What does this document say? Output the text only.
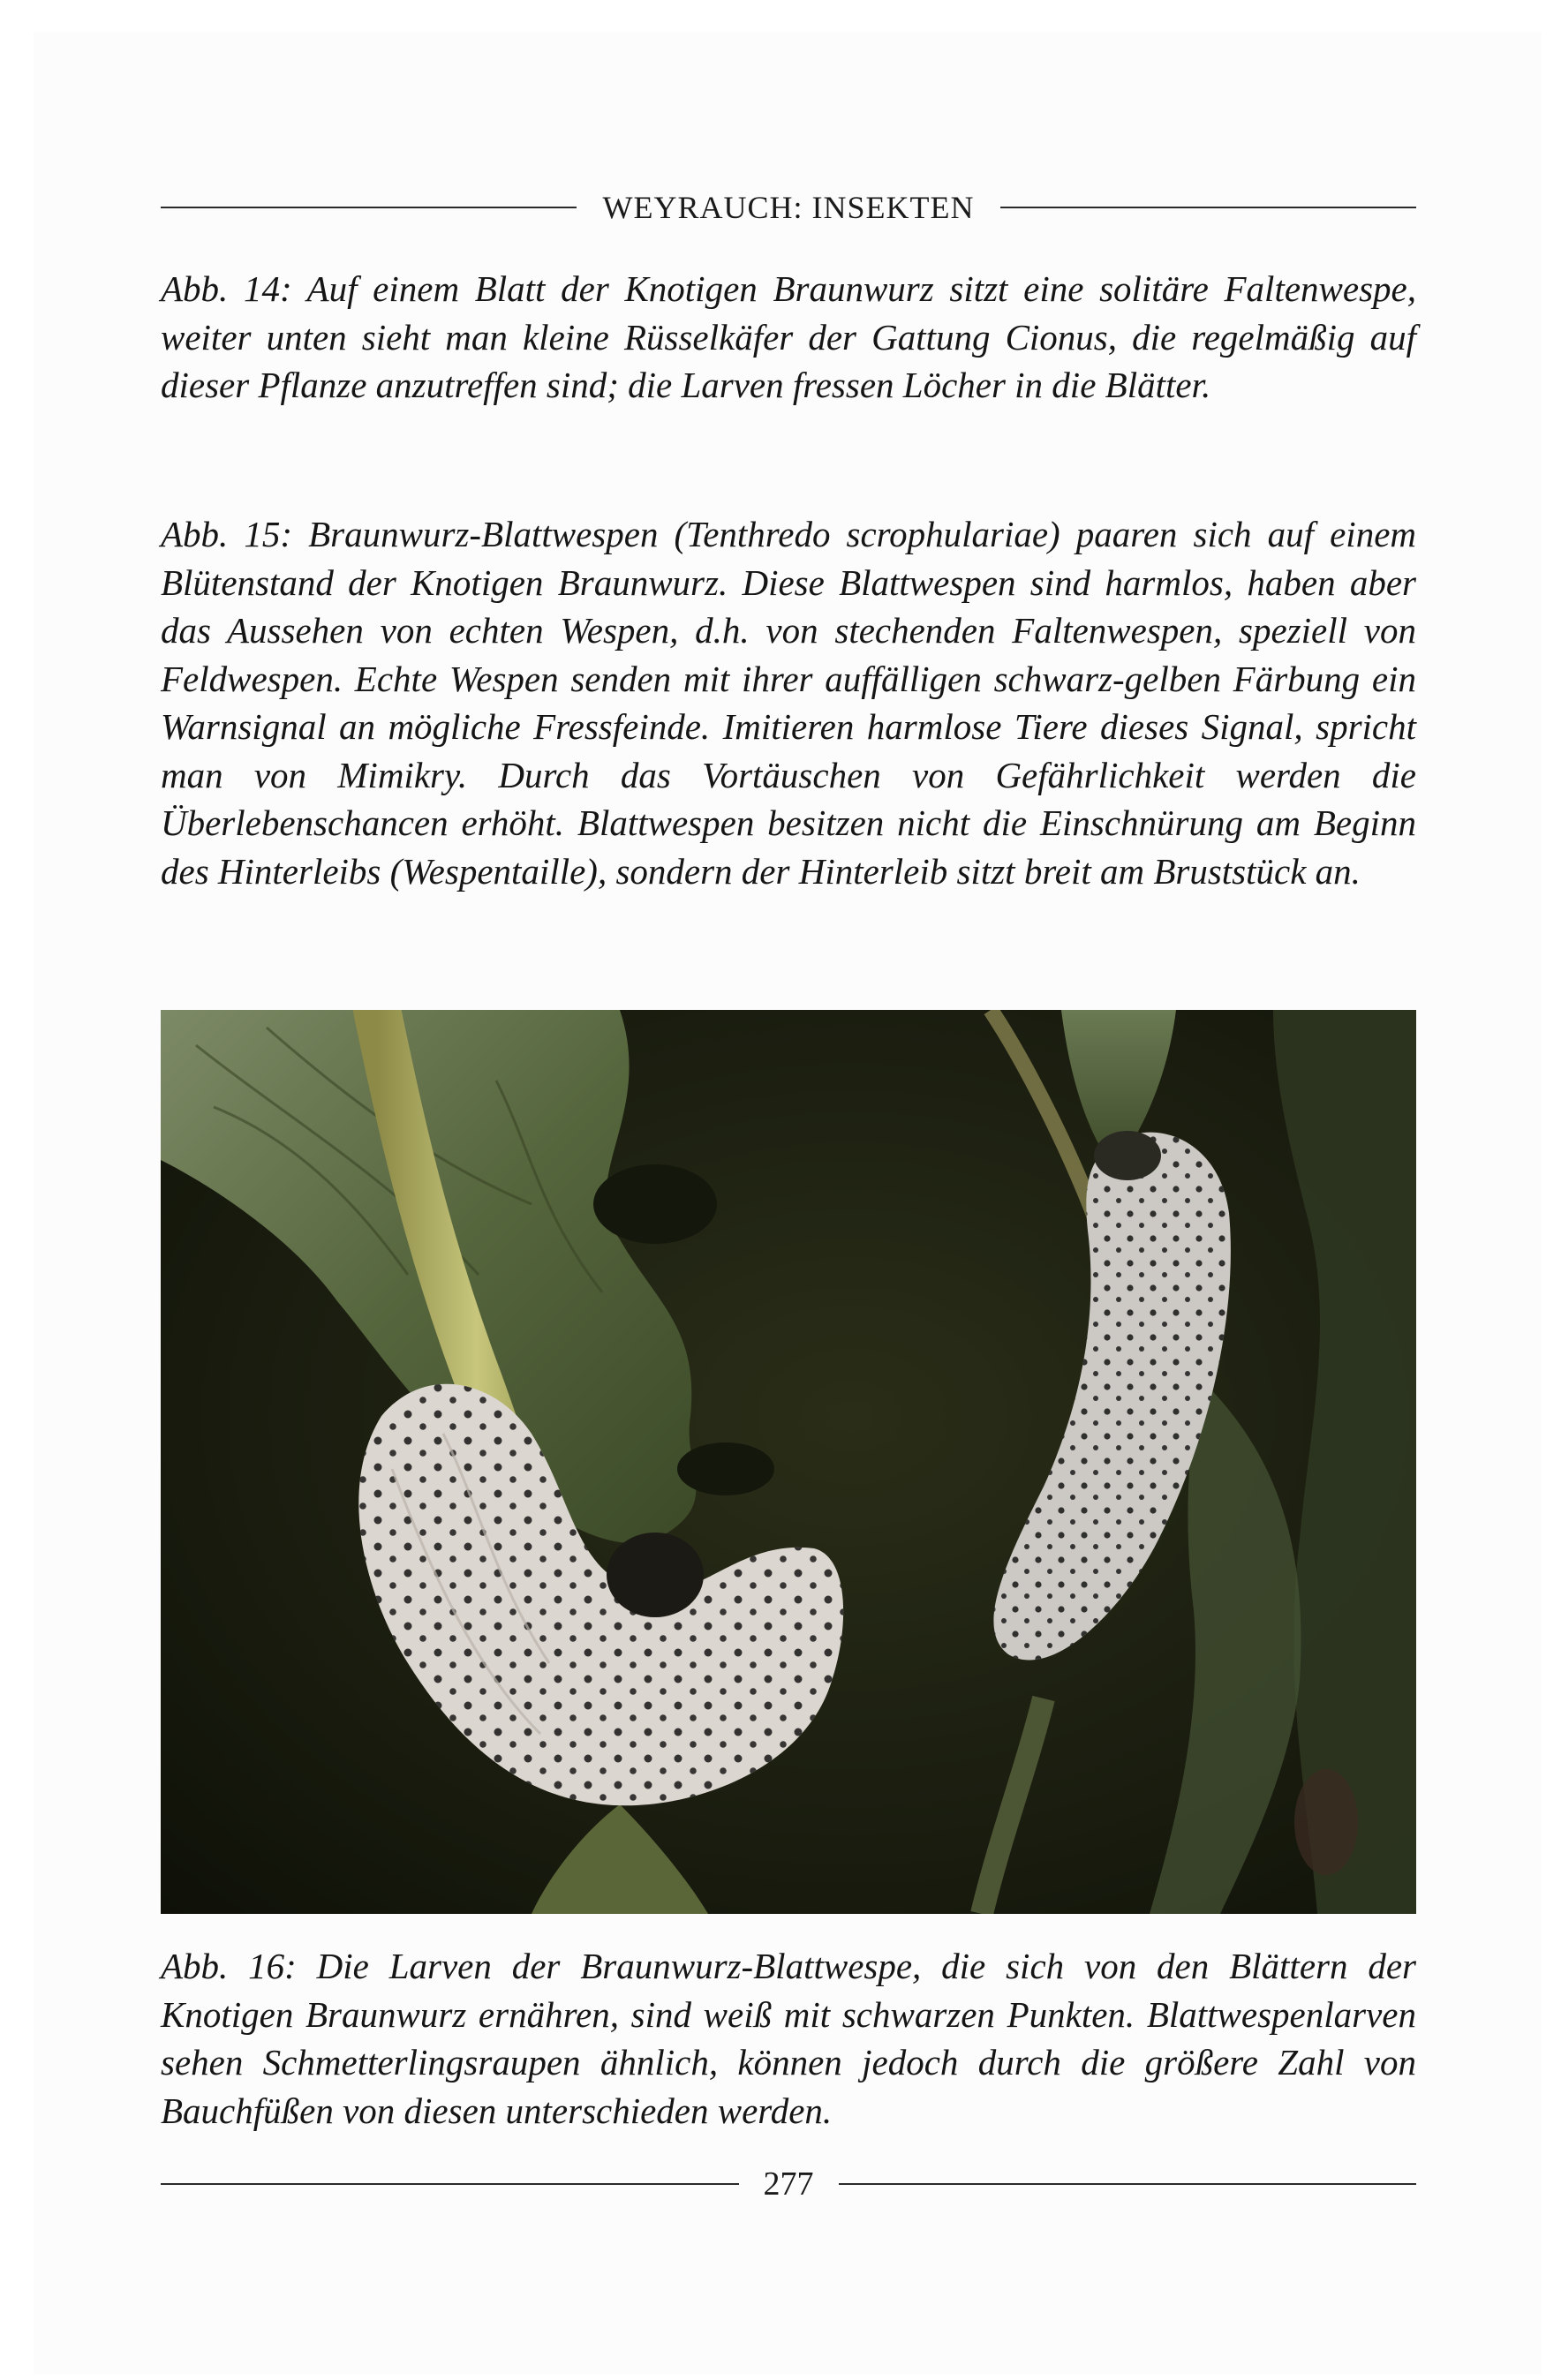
WEYRAUCH: INSEKTEN

Abb. 14: Auf einem Blatt der Knotigen Braunwurz sitzt eine solitäre Faltenwespe, weiter unten sieht man kleine Rüsselkäfer der Gattung Cionus, die regelmäßig auf dieser Pflanze anzutreffen sind; die Larven fressen Löcher in die Blätter.

Abb. 15: Braunwurz-Blattwespen (Tenthredo scrophulariae) paaren sich auf einem Blütenstand der Knotigen Braunwurz. Diese Blattwespen sind harmlos, haben aber das Aussehen von echten Wespen, d.h. von stechenden Faltenwespen, speziell von Feldwespen. Echte Wespen senden mit ihrer auffälligen schwarz-gelben Färbung ein Warnsignal an mögliche Fressfeinde. Imitieren harmlose Tiere dieses Signal, spricht man von Mimikry. Durch das Vortäuschen von Gefährlichkeit werden die Überlebenschancen erhöht. Blattwespen besitzen nicht die Einschnürung am Beginn des Hinterleibs (Wespentaille), sondern der Hinterleib sitzt breit am Bruststück an.

Abb. 16: Die Larven der Braunwurz-Blattwespe, die sich von den Blättern der Knotigen Braunwurz ernähren, sind weiß mit schwarzen Punkten. Blattwespenlarven sehen Schmetterlingsraupen ähnlich, können jedoch durch die größere Zahl von Bauchfüßen von diesen unterschieden werden.

277
